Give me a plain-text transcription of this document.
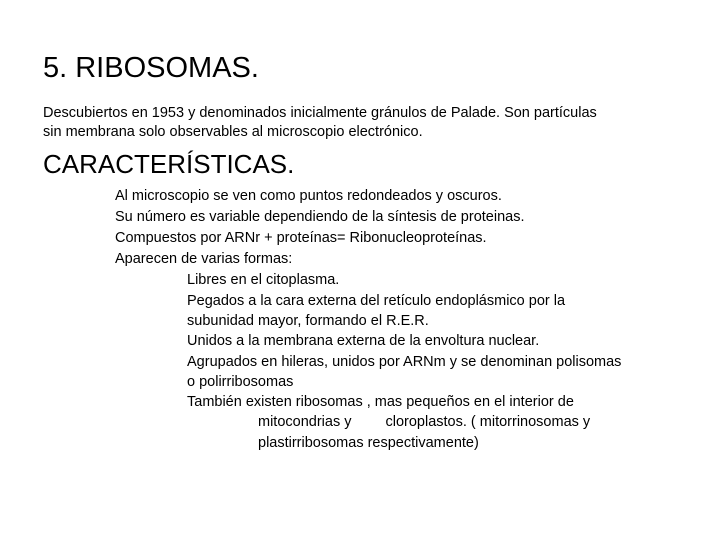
5. RIBOSOMAS.
Descubiertos en 1953 y denominados inicialmente gránulos de Palade. Son partículas
sin membrana solo observables al microscopio electrónico.
CARACTERÍSTICAS.
Al microscopio se ven como puntos redondeados y oscuros.
Su número es variable dependiendo de la síntesis de proteinas.
Compuestos por ARNr + proteínas= Ribonucleoproteínas.
Aparecen de varias formas:
Libres en el citoplasma.
Pegados a la cara externa del retículo endoplásmico por la
subunidad mayor, formando el R.E.R.
Unidos a la membrana externa de la envoltura nuclear.
Agrupados en hileras, unidos por ARNm y se denominan polisomas
o polirribosomas
También existen ribosomas , mas pequeños en el interior de
mitocondrias y cloroplastos. ( mitorrinosomas y
plastirribosomas respectivamente)
